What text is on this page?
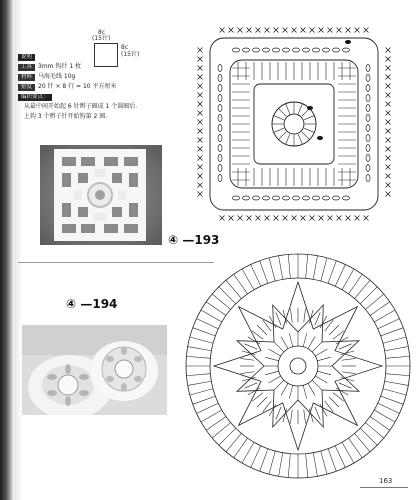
8c
(15针)
8c
(15针)
说明
工具	3mm 钩针 1 枚
材料	马海毛线 10g
密度	20 针 × 8 行 = 10 平方厘米
编织要点：
从最中间开始起 6 针辫子圈成 1 个圆圈后.
上钩 3 个辫子针开始钩第 2 圈.
④ —193
④ —194
163
